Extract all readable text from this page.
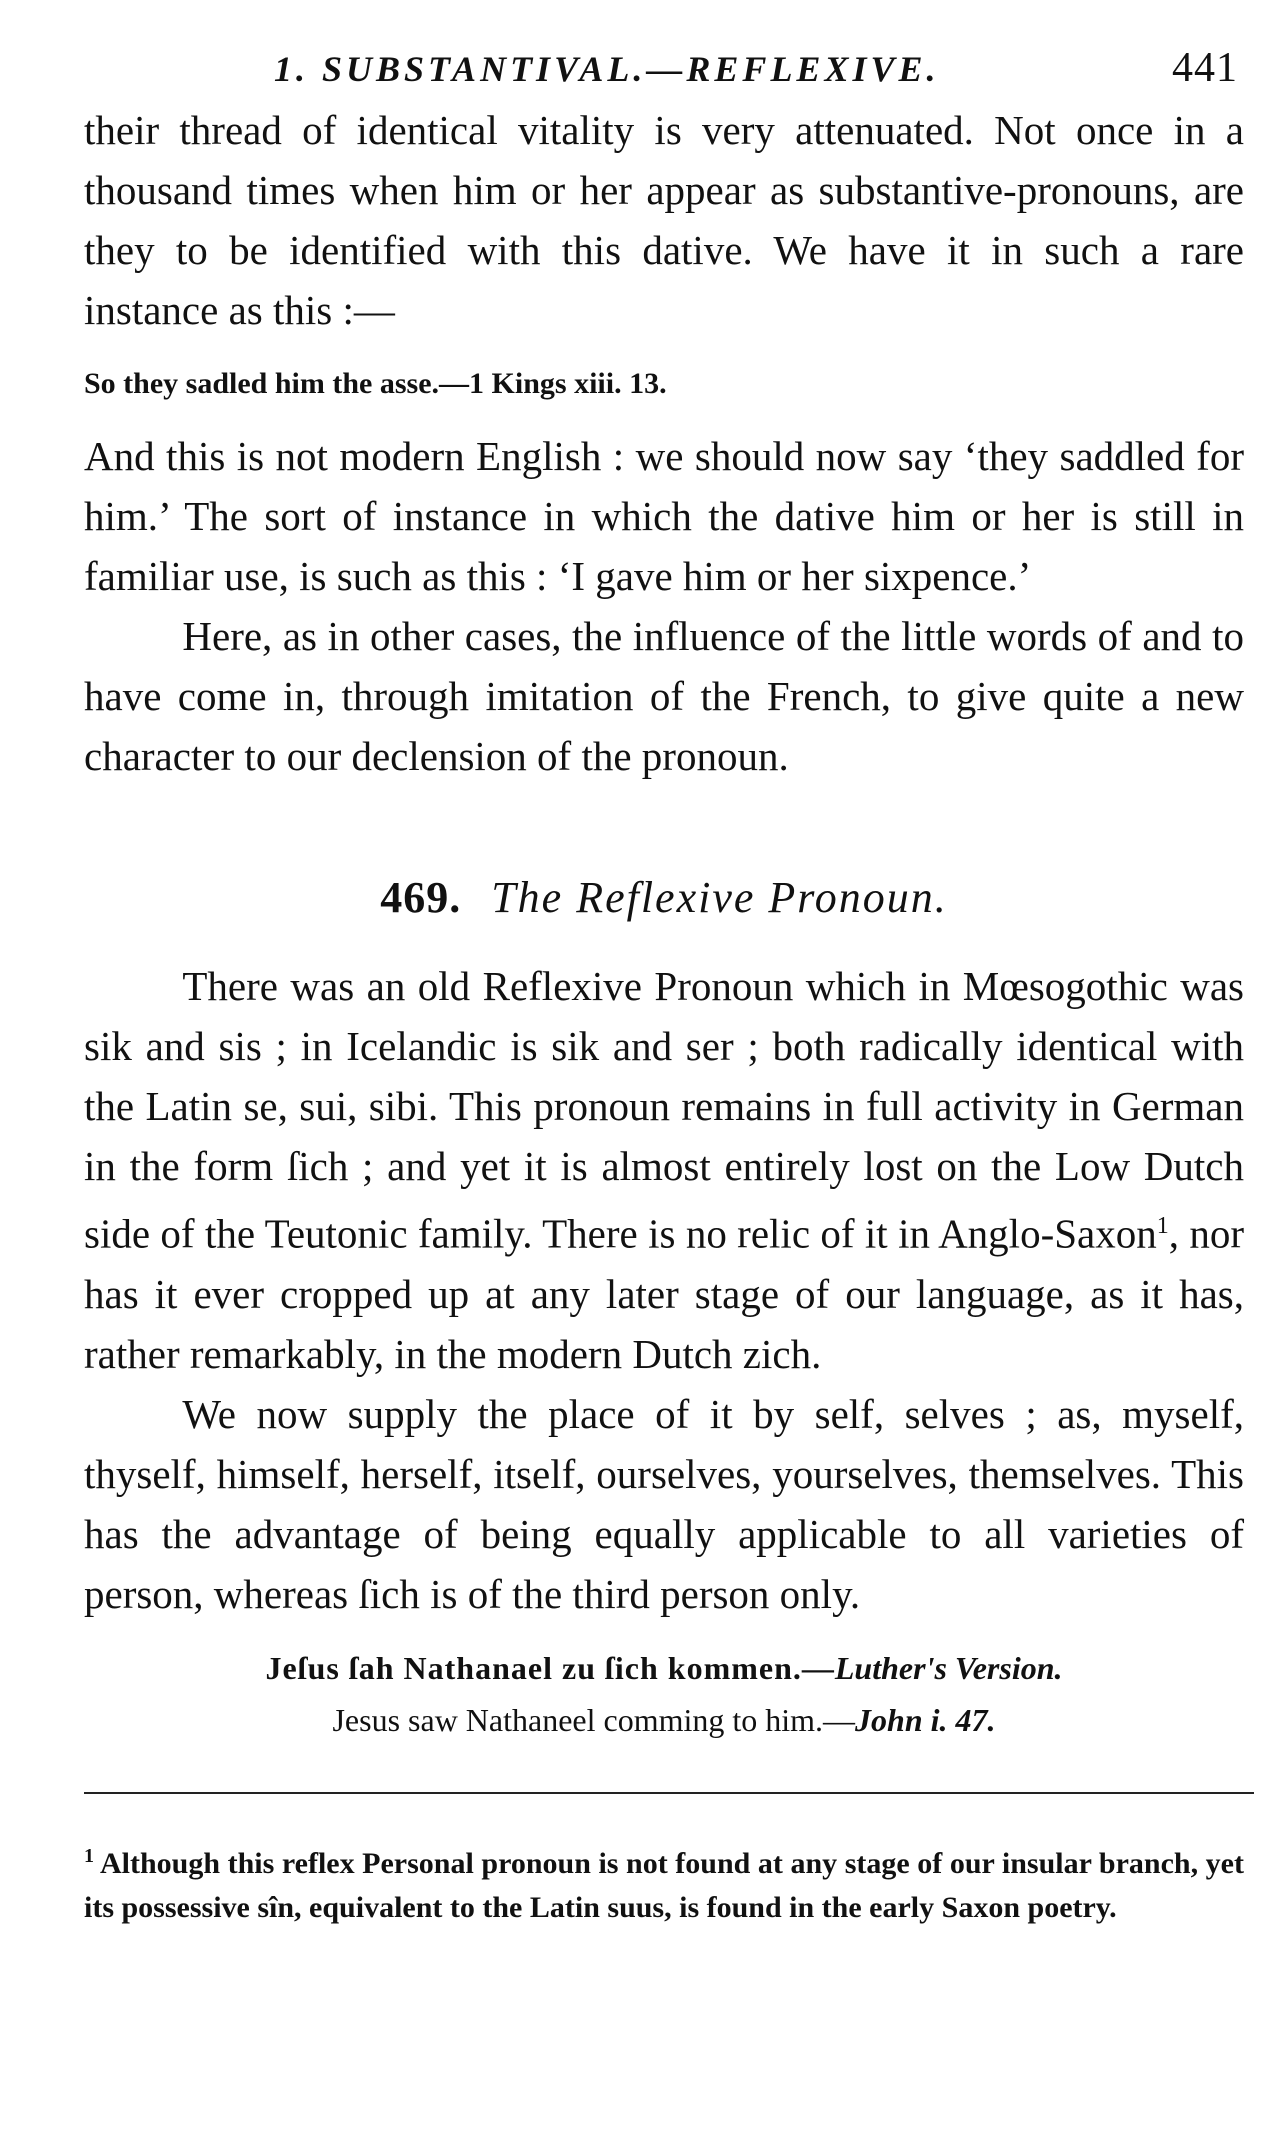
1. SUBSTANTIVAL.—REFLEXIVE.	441

their thread of identical vitality is very attenuated. Not once in a thousand times when him or her appear as substantive-pronouns, are they to be identified with this dative. We have it in such a rare instance as this :—

So they sadled him the asse.—1 Kings xiii. 13.

And this is not modern English : we should now say ‘they saddled for him.’ The sort of instance in which the dative him or her is still in familiar use, is such as this : ‘I gave him or her sixpence.’

Here, as in other cases, the influence of the little words of and to have come in, through imitation of the French, to give quite a new character to our declension of the pronoun.

469. The Reflexive Pronoun.

There was an old Reflexive Pronoun which in Mœsogothic was sik and sis ; in Icelandic is sik and ser ; both radically identical with the Latin se, sui, sibi. This pronoun remains in full activity in German in the form ſich ; and yet it is almost entirely lost on the Low Dutch side of the Teutonic family. There is no relic of it in Anglo-Saxon$^1$, nor has it ever cropped up at any later stage of our language, as it has, rather remarkably, in the modern Dutch zich.

We now supply the place of it by self, selves ; as, myself, thyself, himself, herself, itself, ourselves, yourselves, themselves. This has the advantage of being equally applicable to all varieties of person, whereas ſich is of the third person only.

Jeſus ſah Nathanael zu ſich kommen.—Luther's Version.
Jesus saw Nathaneel comming to him.—John i. 47.

$^1$ Although this reflex Personal pronoun is not found at any stage of our insular branch, yet its possessive sîn, equivalent to the Latin suus, is found in the early Saxon poetry.
